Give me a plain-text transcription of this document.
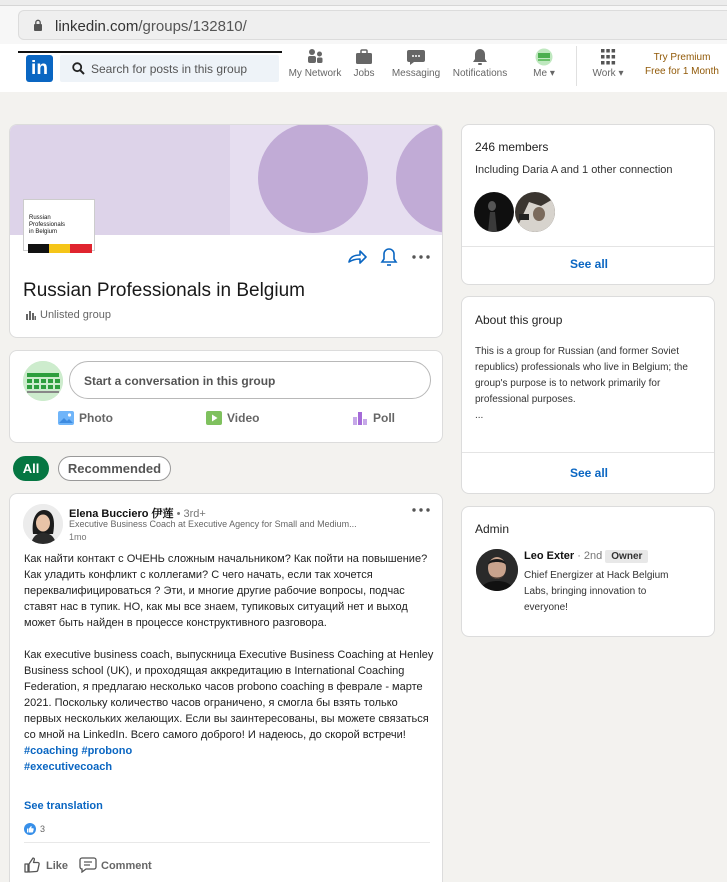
linkedin.com/groups/132810/
in	Search for posts in this group	My Network	Jobs	Messaging Notifications	Me ▾	Work ▾
Try Premium
Free for 1 Month
Russian
Professionals
in Belgium
Russian Professionals in Belgium
Unlisted group
Start a conversation in this group
Photo	Video	Poll
All	Recommended
Elena Bucciero 伊莲 • 3rd+
Executive Business Coach at Executive Agency for Small and Medium...
1mo
Как найти контакт с ОЧЕНЬ сложным начальником? Как пойти на повышение? Как уладить конфликт с коллегами? С чего начать, если так хочется переквалифицироваться ? Эти, и многие другие рабочие вопросы, подчас ставят нас в тупик. НО, как мы все знаем, тупиковых ситуаций нет и выход может быть найден в процессе конструктивного разговора.

Как executive business coach, выпускница Executive Business Coaching at Henley Business school (UK), и проходящая аккредитацию в International Coaching Federation, я предлагаю несколько часов probono coaching в феврале - марте 2021. Поскольку количество часов ограничено, я смогла бы взять только первых нескольких желающих. Если вы заинтересованы, вы можете связаться со мной на LinkedIn. Всего самого доброго! И надеюсь, до скорой встречи! #coaching #probono
#executivecoach
See translation
3
Like	Comment
246 members
Including Daria A and 1 other connection
See all
About this group
This is a group for Russian (and former Soviet republics) professionals who live in Belgium; the group's purpose is to network primarily for professional purposes.
...
See all
Admin
Leo Exter · 2nd Owner
Chief Energizer at Hack Belgium Labs, bringing innovation to everyone!
